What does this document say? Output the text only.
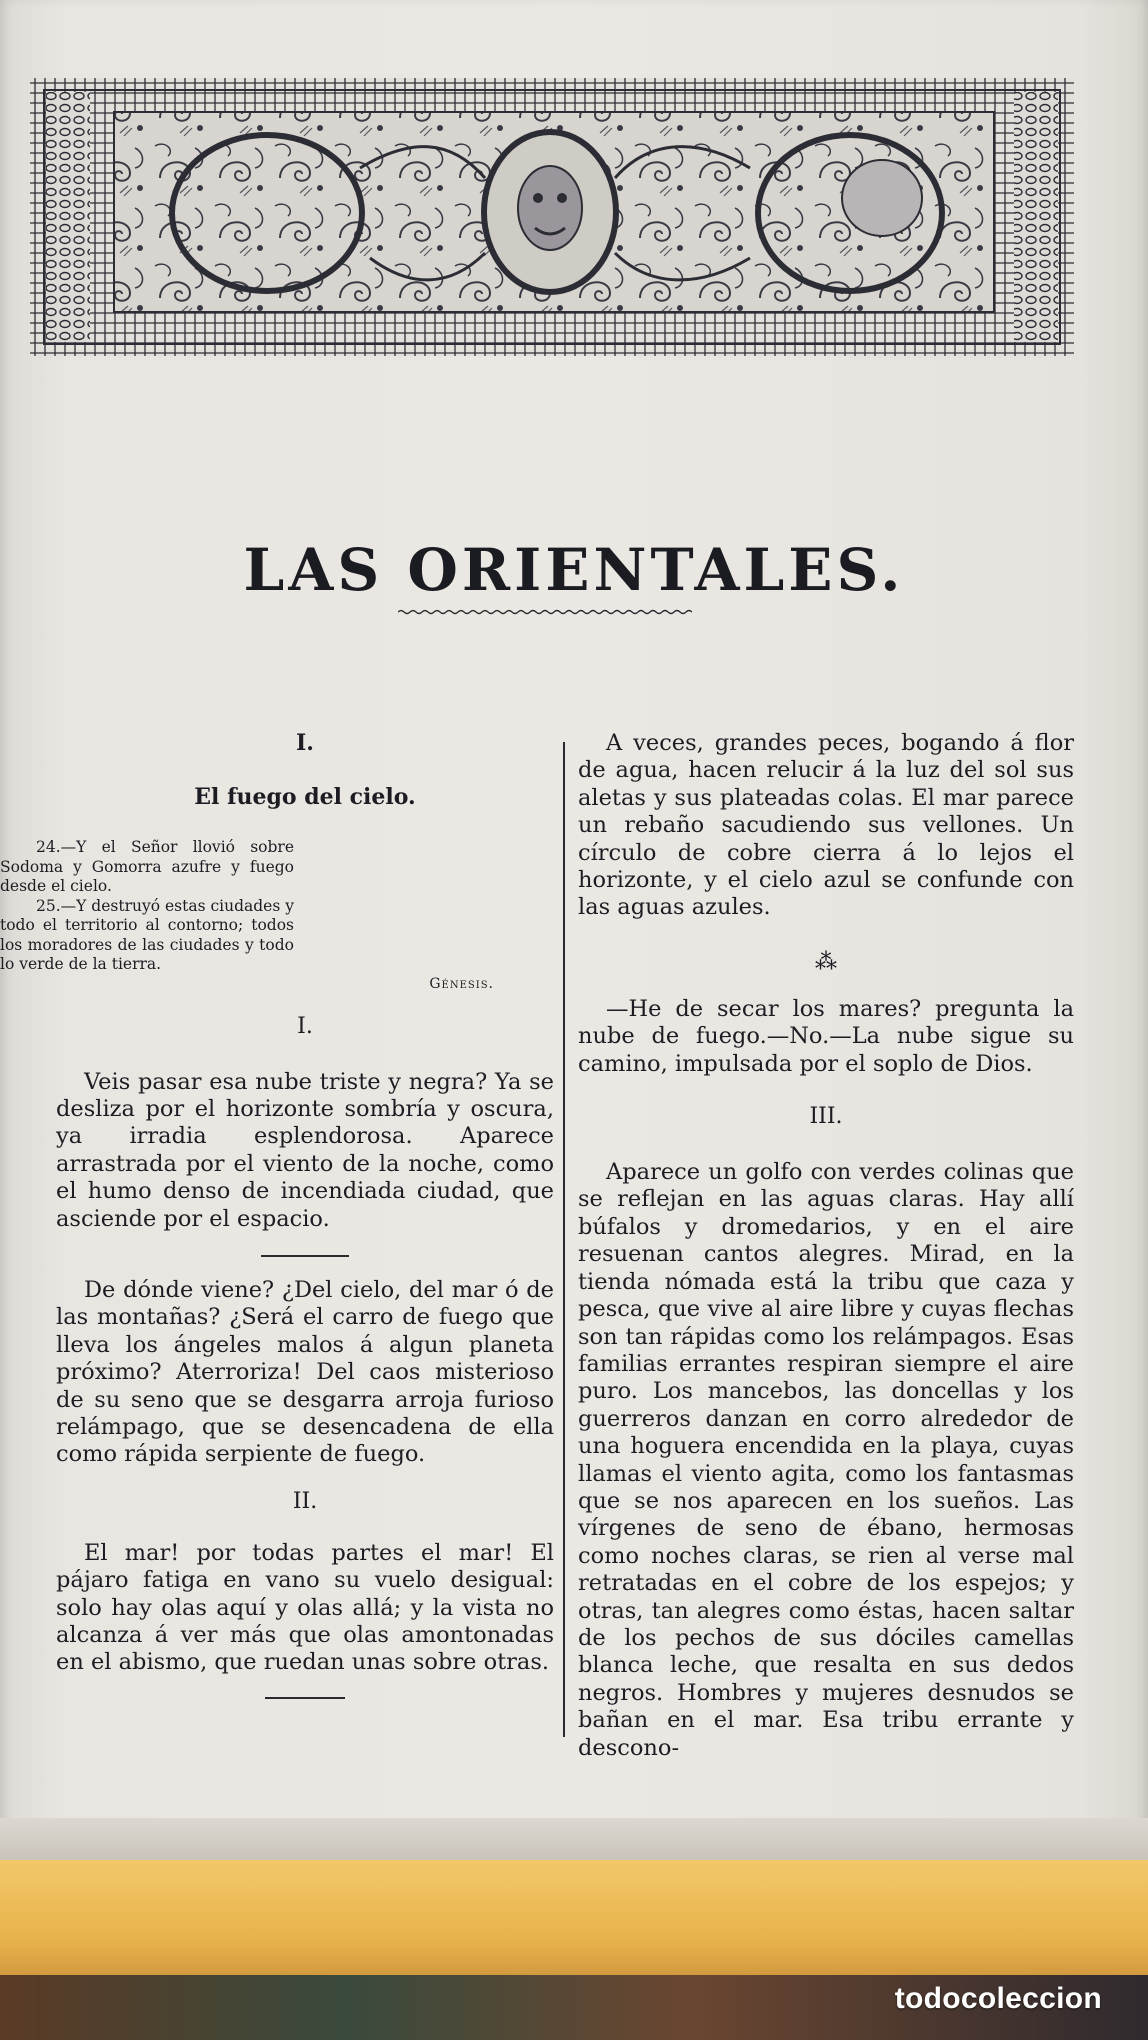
LAS ORIENTALES.

I.

El fuego del cielo.

24.—Y el Señor llovió sobre Sodoma y Gomorra azufre y fuego desde el cielo.

25.—Y destruyó estas ciudades y todo el territorio al contorno; todos los moradores de las ciudades y todo lo verde de la tierra.

Génesis.

I.

Veis pasar esa nube triste y negra? Ya se desliza por el horizonte sombría y oscura, ya irradia esplendorosa. Aparece arrastrada por el viento de la noche, como el humo denso de incendiada ciudad, que asciende por el espacio.

De dónde viene? ¿Del cielo, del mar ó de las montañas? ¿Será el carro de fuego que lleva los ángeles malos á algun planeta próximo? Aterroriza! Del caos misterioso de su seno que se desgarra arroja furioso relámpago, que se desencadena de ella como rápida serpiente de fuego.

II.

El mar! por todas partes el mar! El pájaro fatiga en vano su vuelo desigual: solo hay olas aquí y olas allá; y la vista no alcanza á ver más que olas amontonadas en el abismo, que ruedan unas sobre otras.

A veces, grandes peces, bogando á flor de agua, hacen relucir á la luz del sol sus aletas y sus plateadas colas. El mar parece un rebaño sacudiendo sus vellones. Un círculo de cobre cierra á lo lejos el horizonte, y el cielo azul se confunde con las aguas azules.

⁂

—He de secar los mares? pregunta la nube de fuego.—No.—La nube sigue su camino, impulsada por el soplo de Dios.

III.

Aparece un golfo con verdes colinas que se reflejan en las aguas claras. Hay allí búfalos y dromedarios, y en el aire resuenan cantos alegres. Mirad, en la tienda nómada está la tribu que caza y pesca, que vive al aire libre y cuyas flechas son tan rápidas como los relámpagos. Esas familias errantes respiran siempre el aire puro. Los mancebos, las doncellas y los guerreros danzan en corro alrededor de una hoguera encendida en la playa, cuyas llamas el viento agita, como los fantasmas que se nos aparecen en los sueños. Las vírgenes de seno de ébano, hermosas como noches claras, se rien al verse mal retratadas en el cobre de los espejos; y otras, tan alegres como éstas, hacen saltar de los pechos de sus dóciles camellas blanca leche, que resalta en sus dedos negros. Hombres y mujeres desnudos se bañan en el mar. Esa tribu errante y descono-

todocoleccion
